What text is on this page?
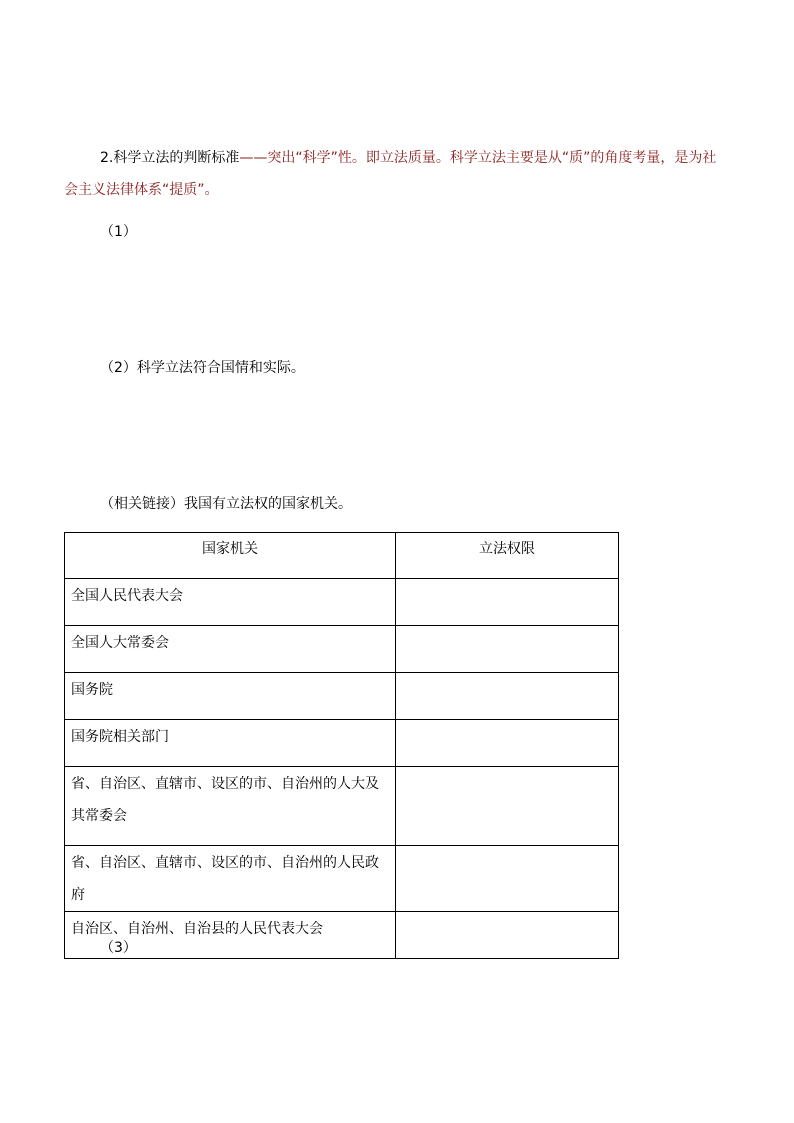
2.科学立法的判断标准——突出“科学”性。即立法质量。科学立法主要是从“质”的角度考量，是为社会主义法律体系“提质”。
（1）
（2）科学立法符合国情和实际。
（相关链接）我国有立法权的国家机关。
国家机关	立法权限
全国人民代表大会	
全国人大常委会	
国务院	
国务院相关部门	
省、自治区、直辖市、设区的市、自治州的人大及其常委会	
省、自治区、直辖市、设区的市、自治州的人民政府	
自治区、自治州、自治县的人民代表大会	
（3）
